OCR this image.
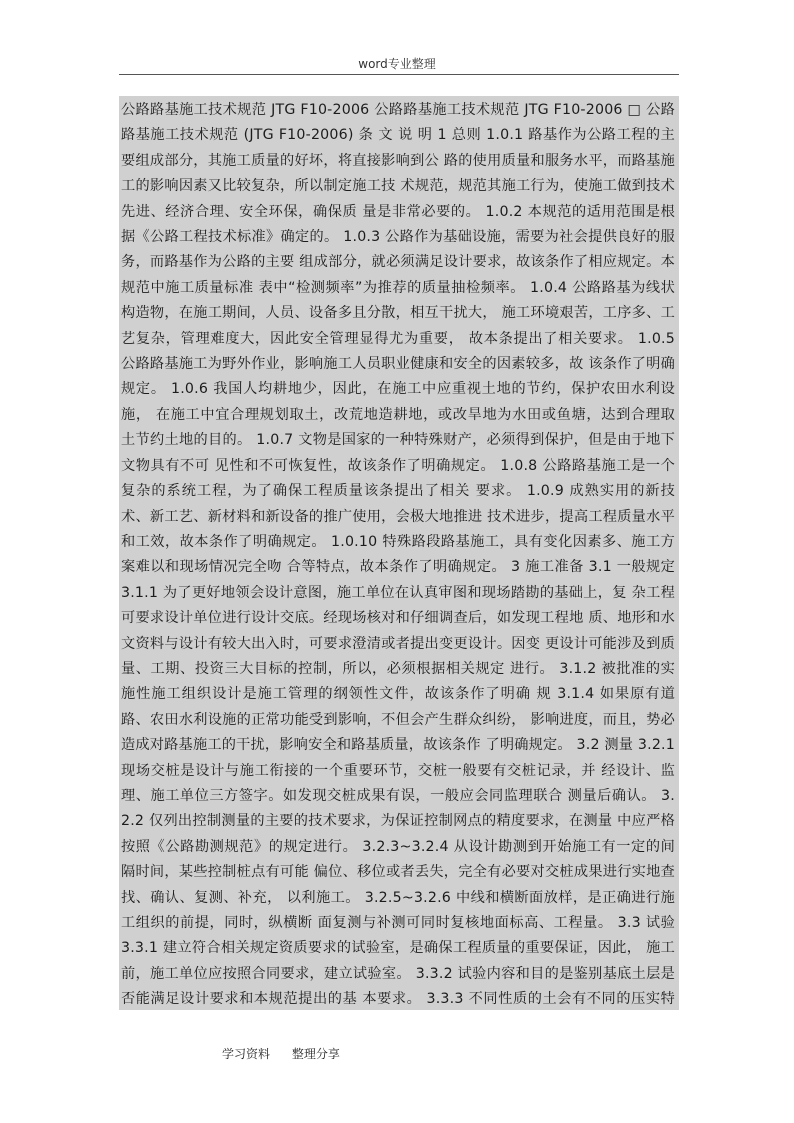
word专业整理

公路路基施工技术规范 JTG F10-2006 公路路基施工技术规范 JTG F10-2006 □ 公路路基施工技术规范 (JTG F10-2006) 条 文 说 明 1 总则 1.0.1 路基作为公路工程的主要组成部分，其施工质量的好坏，将直接影响到公 路的使用质量和服务水平，而路基施工的影响因素又比较复杂，所以制定施工技 术规范，规范其施工行为，使施工做到技术先进、经济合理、安全环保，确保质 量是非常必要的。 1.0.2 本规范的适用范围是根据《公路工程技术标准》确定的。 1.0.3 公路作为基础设施，需要为社会提供良好的服务，而路基作为公路的主要 组成部分，就必须满足设计要求，故该条作了相应规定。本规范中施工质量标准 表中“检测频率”为推荐的质量抽检频率。 1.0.4 公路路基为线状构造物，在施工期间，人员、设备多且分散，相互干扰大， 施工环境艰苦，工序多、工艺复杂，管理难度大，因此安全管理显得尤为重要， 故本条提出了相关要求。 1.0.5 公路路基施工为野外作业，影响施工人员职业健康和安全的因素较多，故 该条作了明确规定。 1.0.6 我国人均耕地少，因此，在施工中应重视土地的节约，保护农田水利设施， 在施工中宜合理规划取土，改荒地造耕地，或改旱地为水田或鱼塘，达到合理取 土节约土地的目的。 1.0.7 文物是国家的一种特殊财产，必须得到保护，但是由于地下文物具有不可 见性和不可恢复性，故该条作了明确规定。 1.0.8 公路路基施工是一个复杂的系统工程，为了确保工程质量该条提出了相关 要求。 1.0.9 成熟实用的新技术、新工艺、新材料和新设备的推广使用，会极大地推进 技术进步，提高工程质量水平和工效，故本条作了明确规定。 1.0.10 特殊路段路基施工，具有变化因素多、施工方案难以和现场情况完全吻 合等特点，故本条作了明确规定。 3 施工准备 3.1 一般规定 3.1.1 为了更好地领会设计意图，施工单位在认真审图和现场踏勘的基础上，复 杂工程可要求设计单位进行设计交底。经现场核对和仔细调查后，如发现工程地 质、地形和水文资料与设计有较大出入时，可要求澄清或者提出变更设计。因变 更设计可能涉及到质量、工期、投资三大目标的控制，所以，必须根据相关规定 进行。 3.1.2 被批准的实施性施工组织设计是施工管理的纲领性文件，故该条作了明确 规 3.1.4 如果原有道路、农田水利设施的正常功能受到影响，不但会产生群众纠纷， 影响进度，而且，势必造成对路基施工的干扰，影响安全和路基质量，故该条作 了明确规定。 3.2 测量 3.2.1 现场交桩是设计与施工衔接的一个重要环节，交桩一般要有交桩记录，并 经设计、监理、施工单位三方签字。如发现交桩成果有误，一般应会同监理联合 测量后确认。 3.2.2 仅列出控制测量的主要的技术要求，为保证控制网点的精度要求，在测量 中应严格按照《公路勘测规范》的规定进行。 3.2.3~3.2.4 从设计勘测到开始施工有一定的间隔时间，某些控制桩点有可能 偏位、移位或者丢失，完全有必要对交桩成果进行实地查找、确认、复测、补充， 以利施工。 3.2.5~3.2.6 中线和横断面放样，是正确进行施工组织的前提，同时，纵横断 面复测与补测可同时复核地面标高、工程量。 3.3 试验 3.3.1 建立符合相关规定资质要求的试验室，是确保工程质量的重要保证，因此， 施工前，施工单位应按照合同要求，建立试验室。 3.3.2 试验内容和目的是鉴别基底土层是否能满足设计要求和本规范提出的基 本要求。 3.3.3 不同性质的土会有不同的压实特

学习资料 整理分享
